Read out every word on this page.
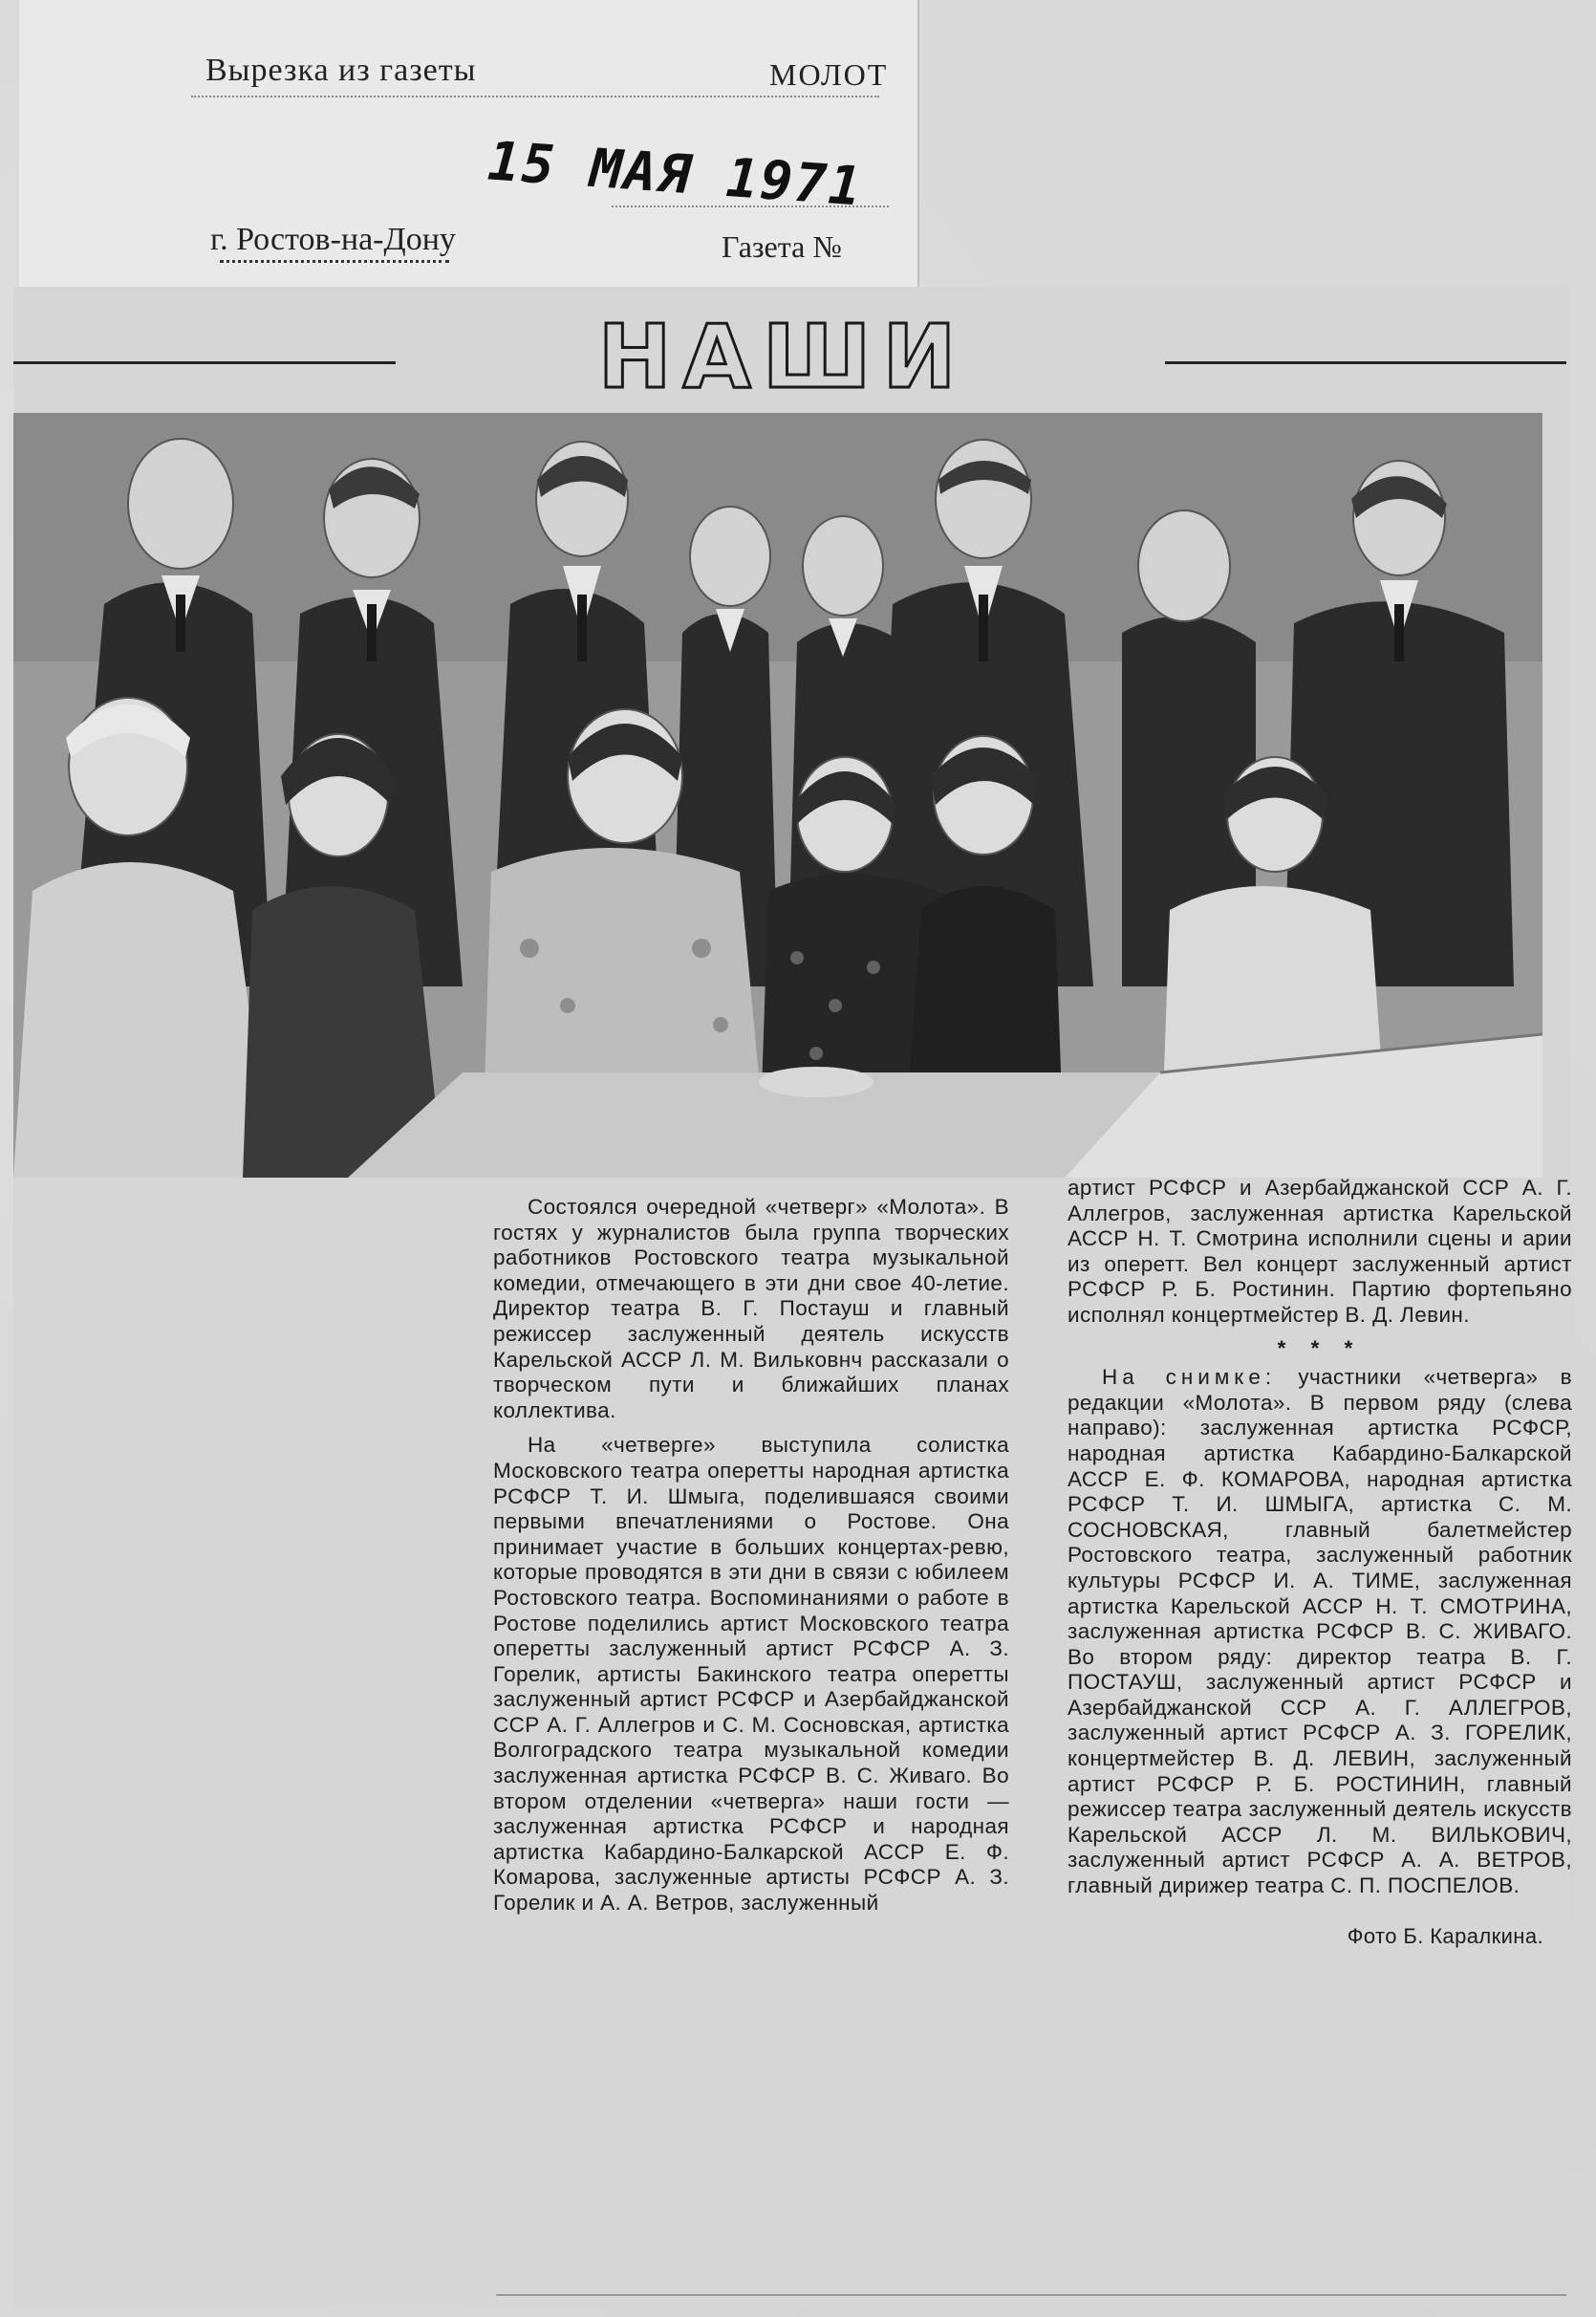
Вырезка из газеты	МОЛОТ
15 МАЯ 1971
г. Ростов-на-Дону	Газета №
НАШИ

Состоялся очередной «четверг» «Молота». В гостях у журналистов была группа творческих работников Ростовского театра музыкальной комедии, отмечающего в эти дни свое 40-летие. Директор театра В. Г. Постауш и главный режиссер заслуженный деятель искусств Карельской АССР Л. М. Вильковнч рассказали о творческом пути и ближайших планах коллектива.

На «четверге» выступила солистка Московского театра оперетты народная артистка РСФСР Т. И. Шмыга, поделившаяся своими первыми впечатлениями о Ростове. Она принимает участие в больших концертах-ревю, которые проводятся в эти дни в связи с юбилеем Ростовского театра. Воспоминаниями о работе в Ростове поделились артист Московского театра оперетты заслуженный артист РСФСР А. З. Горелик, артисты Бакинского театра оперетты заслуженный артист РСФСР и Азербайджанской ССР А. Г. Аллегров и С. М. Сосновская, артистка Волгоградского театра музыкальной комедии заслуженная артистка РСФСР В. С. Живаго. Во втором отделении «четверга» наши гости — заслуженная артистка РСФСР и народная артистка Кабардино-Балкарской АССР Е. Ф. Комарова, заслуженные артисты РСФСР А. З. Горелик и А. А. Ветров, заслуженный

артист РСФСР и Азербайджанской ССР А. Г. Аллегров, заслуженная артистка Карельской АССР Н. Т. Смотрина исполнили сцены и арии из оперетт. Вел концерт заслуженный артист РСФСР Р. Б. Ростинин. Партию фортепьяно исполнял концертмейстер В. Д. Левин.

* * *

На снимке: участники «четверга» в редакции «Молота». В первом ряду (слева направо): заслуженная артистка РСФСР, народная артистка Кабардино-Балкарской АССР Е. Ф. КОМАРОВА, народная артистка РСФСР Т. И. ШМЫГА, артистка С. М. СОСНОВСКАЯ, главный балетмейстер Ростовского театра, заслуженный работник культуры РСФСР И. А. ТИМЕ, заслуженная артистка Карельской АССР Н. Т. СМОТРИНА, заслуженная артистка РСФСР В. С. ЖИВАГО. Во втором ряду: директор театра В. Г. ПОСТАУШ, заслуженный артист РСФСР и Азербайджанской ССР А. Г. АЛЛЕГРОВ, заслуженный артист РСФСР А. З. ГОРЕЛИК, концертмейстер В. Д. ЛЕВИН, заслуженный артист РСФСР Р. Б. РОСТИНИН, главный режиссер театра заслуженный деятель искусств Карельской АССР Л. М. ВИЛЬКОВИЧ, заслуженный артист РСФСР А. А. ВЕТРОВ, главный дирижер театра С. П. ПОСПЕЛОВ.

Фото Б. Каралкина.
